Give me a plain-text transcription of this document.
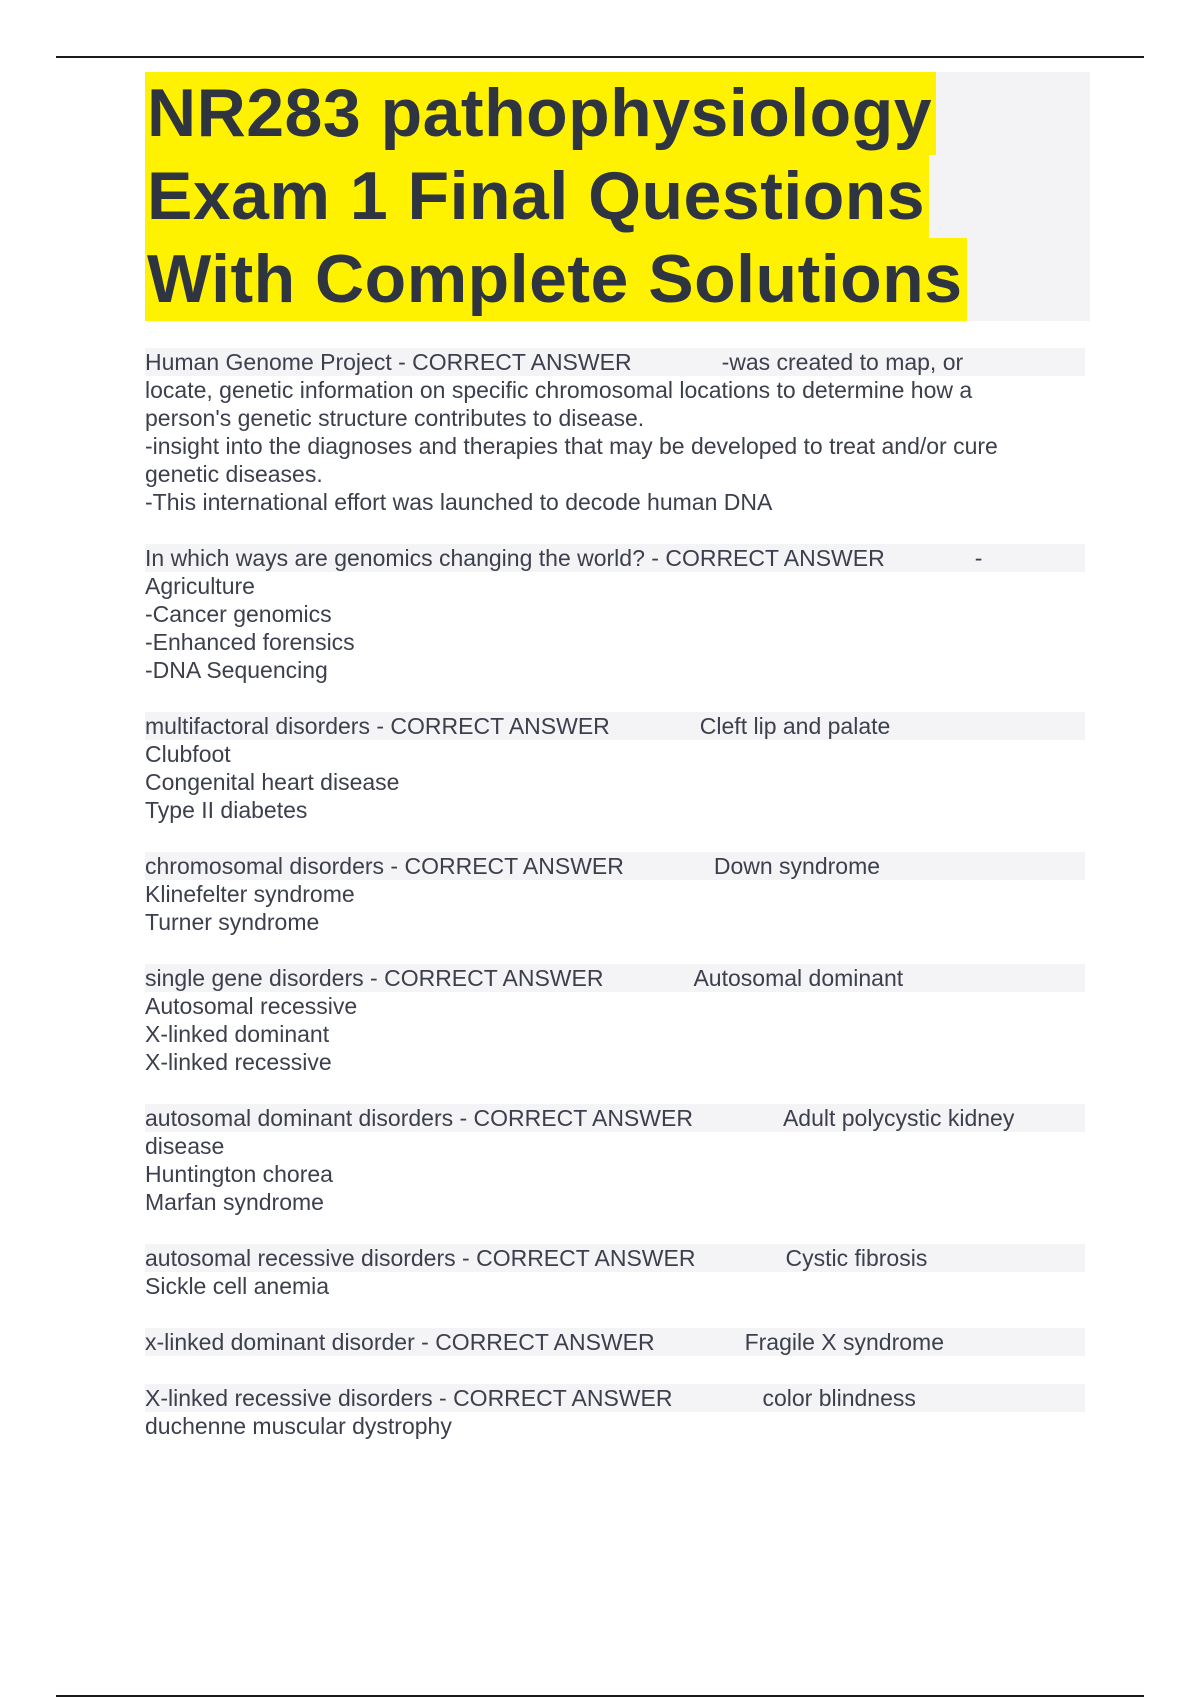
NR283 pathophysiology
Exam 1 Final Questions
With Complete Solutions
Human Genome Project - CORRECT ANSWER	-was created to map, or
locate, genetic information on specific chromosomal locations to determine how a
person's genetic structure contributes to disease.
-insight into the diagnoses and therapies that may be developed to treat and/or cure
genetic diseases.
-This international effort was launched to decode human DNA
In which ways are genomics changing the world? - CORRECT ANSWER	-
Agriculture
-Cancer genomics
-Enhanced forensics
-DNA Sequencing
multifactoral disorders - CORRECT ANSWER	Cleft lip and palate
Clubfoot
Congenital heart disease
Type II diabetes
chromosomal disorders - CORRECT ANSWER	Down syndrome
Klinefelter syndrome
Turner syndrome
single gene disorders - CORRECT ANSWER	Autosomal dominant
Autosomal recessive
X-linked dominant
X-linked recessive
autosomal dominant disorders - CORRECT ANSWER	Adult polycystic kidney
disease
Huntington chorea
Marfan syndrome
autosomal recessive disorders - CORRECT ANSWER	Cystic fibrosis
Sickle cell anemia
x-linked dominant disorder - CORRECT ANSWER	Fragile X syndrome
X-linked recessive disorders - CORRECT ANSWER	color blindness
duchenne muscular dystrophy
